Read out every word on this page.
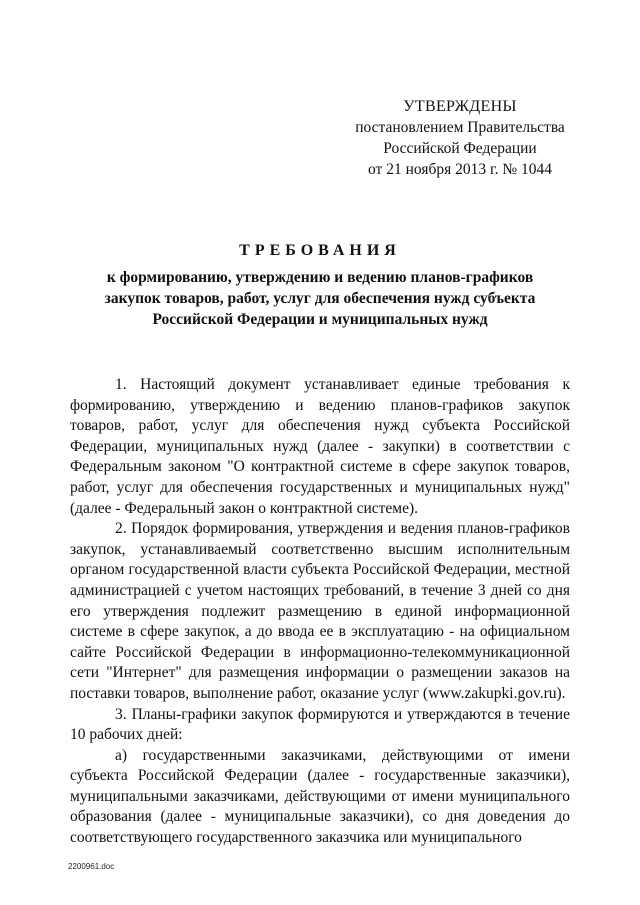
УТВЕРЖДЕНЫ
постановлением Правительства
Российской Федерации
от 21 ноября 2013 г. № 1044
ТРЕБОВАНИЯ
к формированию, утверждению и ведению планов-графиков закупок товаров, работ, услуг для обеспечения нужд субъекта Российской Федерации и муниципальных нужд

1. Настоящий документ устанавливает единые требования к формированию, утверждению и ведению планов-графиков закупок товаров, работ, услуг для обеспечения нужд субъекта Российской Федерации, муниципальных нужд (далее - закупки) в соответствии с Федеральным законом "О контрактной системе в сфере закупок товаров, работ, услуг для обеспечения государственных и муниципальных нужд" (далее - Федеральный закон о контрактной системе).

2. Порядок формирования, утверждения и ведения планов-графиков закупок, устанавливаемый соответственно высшим исполнительным органом государственной власти субъекта Российской Федерации, местной администрацией с учетом настоящих требований, в течение 3 дней со дня его утверждения подлежит размещению в единой информационной системе в сфере закупок, а до ввода ее в эксплуатацию - на официальном сайте Российской Федерации в информационно-телекоммуникационной сети "Интернет" для размещения информации о размещении заказов на поставки товаров, выполнение работ, оказание услуг (www.zakupki.gov.ru).

3. Планы-графики закупок формируются и утверждаются в течение 10 рабочих дней:

а) государственными заказчиками, действующими от имени субъекта Российской Федерации (далее - государственные заказчики), муниципальными заказчиками, действующими от имени муниципального образования (далее - муниципальные заказчики), со дня доведения до соответствующего государственного заказчика или муниципального

2200961.doc
